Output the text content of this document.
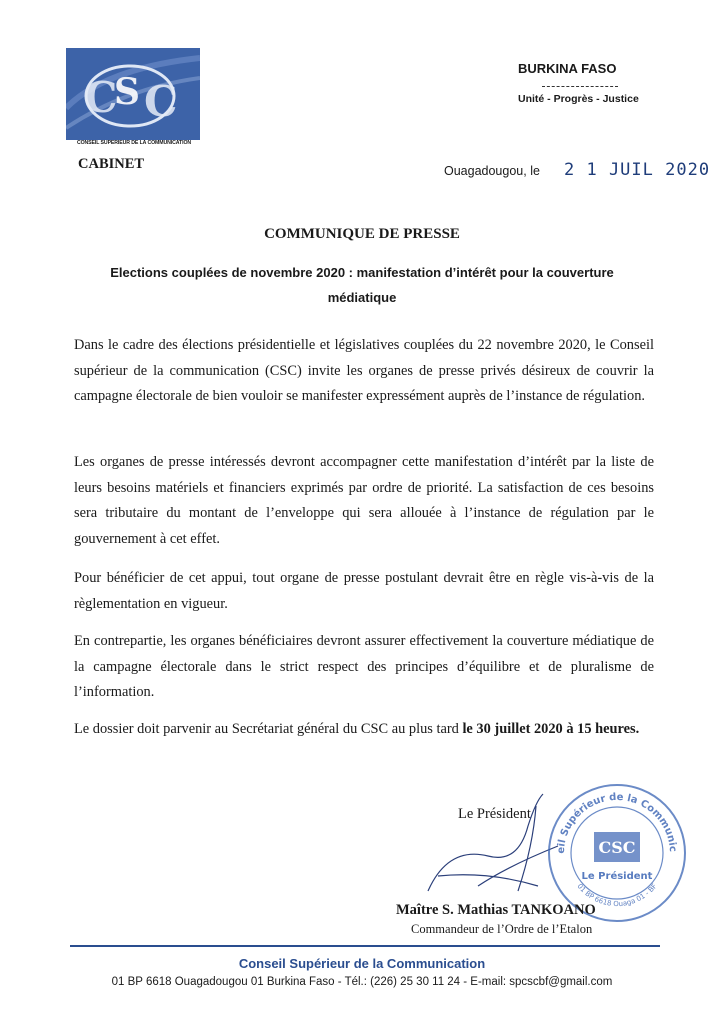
C
S C
CONSEIL SUPERIEUR DE LA COMMUNICATION
CABINET
BURKINA FASO
Unité - Progrès - Justice
Ouagadougou, le 2 1 JUIL 2020
COMMUNIQUE DE PRESSE
Elections couplées de novembre 2020 : manifestation d’intérêt pour la couverture médiatique

Dans le cadre des élections présidentielle et législatives couplées du 22 novembre 2020, le Conseil supérieur de la communication (CSC) invite les organes de presse privés désireux de couvrir la campagne électorale de bien vouloir se manifester expressément auprès de l’instance de régulation.

Les organes de presse intéressés devront accompagner cette manifestation d’intérêt par la liste de leurs besoins matériels et financiers exprimés par ordre de priorité. La satisfaction de ces besoins sera tributaire du montant de l’enveloppe qui sera allouée à l’instance de régulation par le gouvernement à cet effet.

Pour bénéficier de cet appui, tout organe de presse postulant devrait être en règle vis-à-vis de la règlementation en vigueur.

En contrepartie, les organes bénéficiaires devront assurer effectivement la couverture médiatique de la campagne électorale dans le strict respect des principes d’équilibre et de pluralisme de l’information.

Le dossier doit parvenir au Secrétariat général du CSC au plus tard le 30 juillet 2020 à 15 heures.

Le Président
eil Supérieur de la Communic
01 BP 6618 Ouaga 01 - BF
CSC
Le Président
Maître S. Mathias TANKOANO
Commandeur de l’Ordre de l’Etalon
Conseil Supérieur de la Communication
01 BP 6618 Ouagadougou 01 Burkina Faso - Tél.: (226) 25 30 11 24 - E-mail: spcscbf@gmail.com
